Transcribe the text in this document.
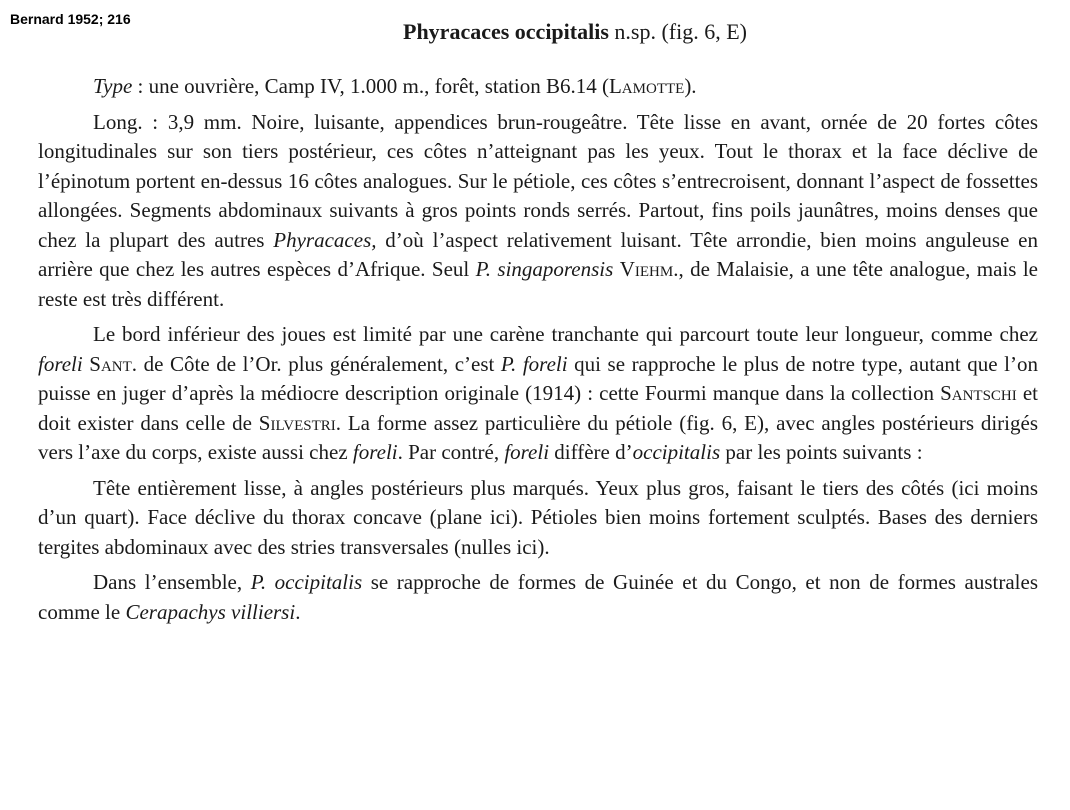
Bernard 1952; 216	Phyracaces occipitalis n.sp. (fig. 6, E)

Type : une ouvrière, Camp IV, 1.000 m., forêt, station B6.14 (Lamotte).

Long. : 3,9 mm. Noire, luisante, appendices brun-rougeâtre. Tête lisse en avant, ornée de 20 fortes côtes longitudinales sur son tiers postérieur, ces côtes n’atteignant pas les yeux. Tout le thorax et la face déclive de l’épinotum portent en-dessus 16 côtes analogues. Sur le pétiole, ces côtes s’entrecroisent, donnant l’aspect de fossettes allongées. Segments abdominaux suivants à gros points ronds serrés. Partout, fins poils jaunâtres, moins denses que chez la plupart des autres Phyracaces, d’où l’aspect relativement luisant. Tête arrondie, bien moins anguleuse en arrière que chez les autres espèces d’Afrique. Seul P. singaporensis Viehm., de Malaisie, a une tête analogue, mais le reste est très différent.

Le bord inférieur des joues est limité par une carène tranchante qui parcourt toute leur longueur, comme chez foreli Sant. de Côte de l’Or. plus généralement, c’est P. foreli qui se rapproche le plus de notre type, autant que l’on puisse en juger d’après la médiocre description originale (1914) : cette Fourmi manque dans la collection Santschi et doit exister dans celle de Silvestri. La forme assez particulière du pétiole (fig. 6, E), avec angles postérieurs dirigés vers l’axe du corps, existe aussi chez foreli. Par contré, foreli diffère d’occipitalis par les points suivants :

Tête entièrement lisse, à angles postérieurs plus marqués. Yeux plus gros, faisant le tiers des côtés (ici moins d’un quart). Face déclive du thorax concave (plane ici). Pétioles bien moins fortement sculptés. Bases des derniers tergites abdominaux avec des stries transversales (nulles ici).

Dans l’ensemble, P. occipitalis se rapproche de formes de Guinée et du Congo, et non de formes australes comme le Cerapachys villiersi.
